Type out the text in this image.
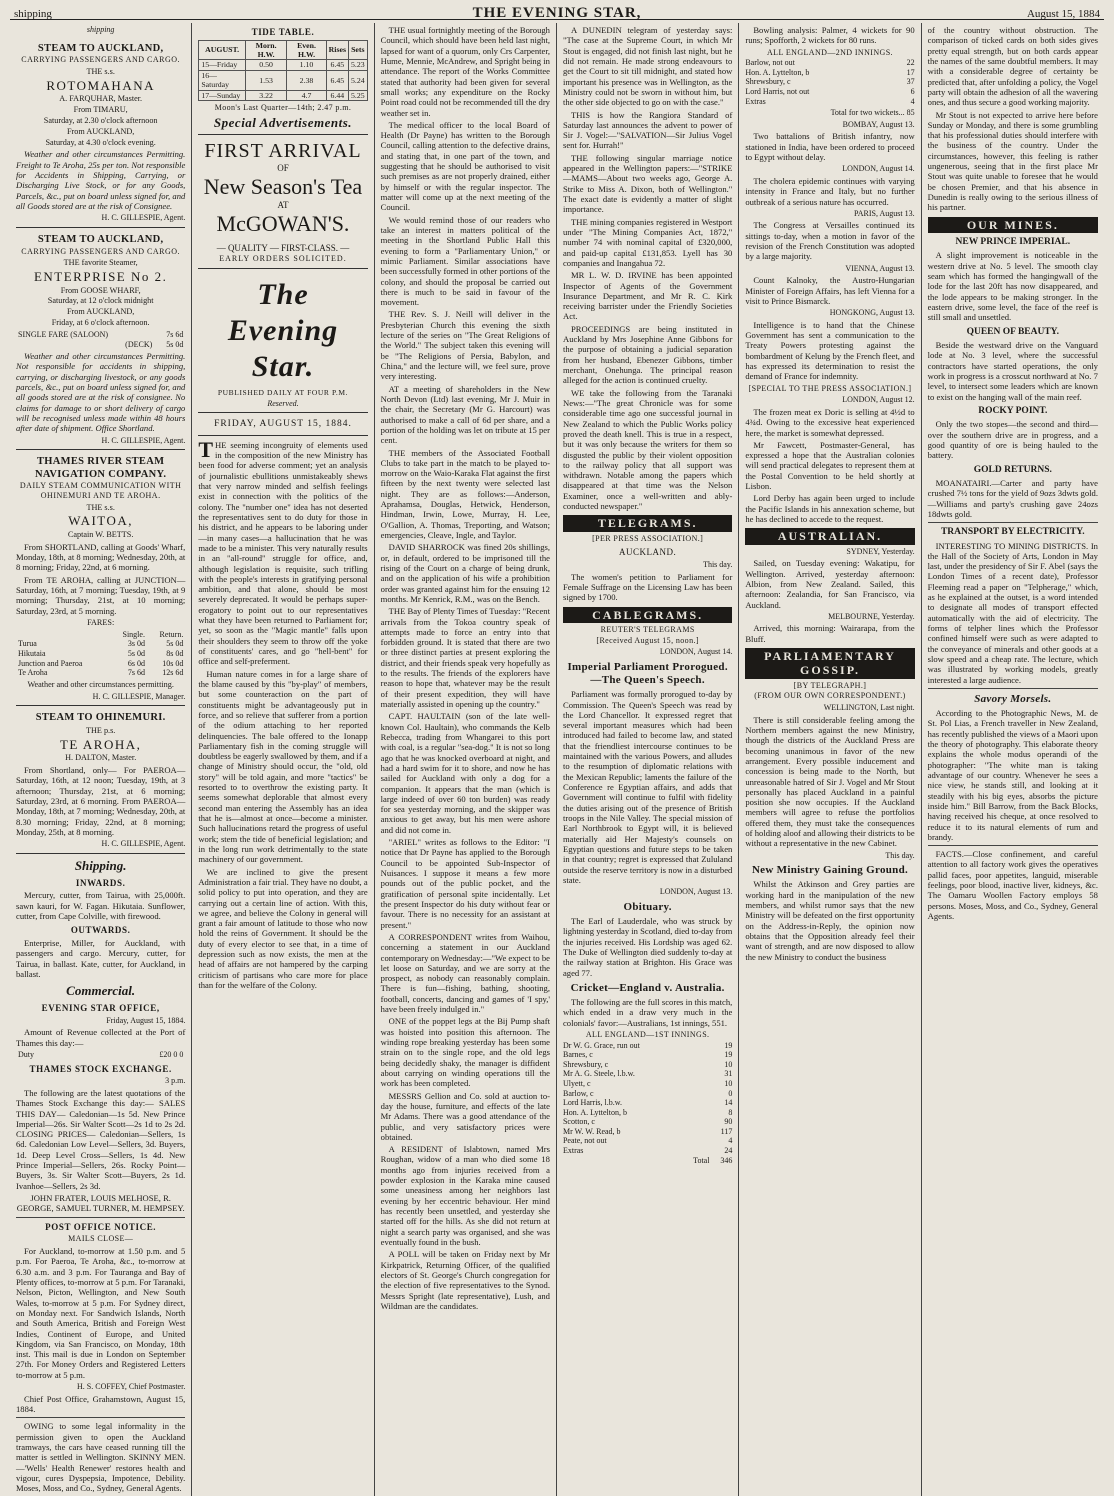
shipping	THE EVENING STAR,	August 15, 1884
shipping
STEAM TO AUCKLAND,
CARRYING PASSENGERS AND CARGO.
THE s.s.
ROTOMAHANA
A. FARQUHAR, Master.
From TIMARU,
Saturday, at 2.30 o'clock afternoon
From AUCKLAND,
Saturday, at 4.30 o'clock evening.

Weather and other circumstances Permitting. Freight to Te Aroha, 25s per ton. Not responsible for Accidents in Shipping, Carrying, or Discharging Live Stock, or for any Goods, Parcels, &c., put on board unless signed for, and all Goods stored are at the risk of Consignee.

H. C. GILLESPIE, Agent.
STEAM TO AUCKLAND,
CARRYING PASSENGERS AND CARGO.
THE favorite Steamer,
ENTERPRISE No 2.
From GOOSE WHARF,
Saturday, at 12 o'clock midnight
From AUCKLAND,
Friday, at 6 o'clock afternoon.
SINGLE FARE (SALOON)	7s 6d
(DECK)	5s 0d

Weather and other circumstances Permitting. Not responsible for accidents in shipping, carrying, or discharging livestock, or any goods parcels, &c., put on board unless signed for, and all goods stored are at the risk of consignee. No claims for damage to or short delivery of cargo will be recognised unless made within 48 hours after date of shipment. Office Shortland.

H. C. GILLESPIE, Agent.
THAMES RIVER STEAM NAVIGATION COMPANY.
DAILY STEAM COMMUNICATION WITH OHINEMURI AND TE AROHA.
THE s.s.
WAITOA,
Captain W. BETTS.

From SHORTLAND, calling at Goods' Wharf, Monday, 18th, at 8 morning; Wednesday, 20th, at 8 morning; Friday, 22nd, at 6 morning.

From TE AROHA, calling at JUNCTION—Saturday, 16th, at 7 morning; Tuesday, 19th, at 9 morning; Thursday, 21st, at 10 morning; Saturday, 23rd, at 5 morning.

FARES:
	Single.	Return.
Turua	3s 0d	5s 0d
Hikutaia	5s 0d	8s 0d
Junction and Paeroa	6s 0d	10s 0d
Te Aroha	7s 6d	12s 6d
Weather and other circumstances permitting.
H. C. GILLESPIE, Manager.
STEAM TO OHINEMURI.
THE p.s.
TE AROHA,
H. DALTON, Master.

From Shortland, only— For PAEROA— Saturday, 16th, at 12 noon; Tuesday, 19th, at 3 afternoon; Thursday, 21st, at 6 morning; Saturday, 23rd, at 6 morning. From PAEROA— Monday, 18th, at 7 morning; Wednesday, 20th, at 8.30 morning; Friday, 22nd, at 8 morning; Monday, 25th, at 8 morning.

H. C. GILLESPIE, Agent.
Shipping.
INWARDS.

Mercury, cutter, from Tairua, with 25,000ft. sawn kauri, for W. Fagan. Hikutaia. Sunflower, cutter, from Cape Colville, with firewood.

OUTWARDS.

Enterprise, Miller, for Auckland, with passengers and cargo. Mercury, cutter, for Tairua, in ballast. Kate, cutter, for Auckland, in ballast.

Commercial.
EVENING STAR OFFICE,
Friday, August 15, 1884.

Amount of Revenue collected at the Port of Thames this day:—

Duty	£20 0 0
THAMES STOCK EXCHANGE.
3 p.m.

The following are the latest quotations of the Thames Stock Exchange this day:— SALES THIS DAY— Caledonian—1s 5d. New Prince Imperial—26s. Sir Walter Scott—2s 1d to 2s 2d. CLOSING PRICES— Caledonian—Sellers, 1s 6d. Caledonian Low Level—Sellers, 3d. Buyers, 1d. Deep Level Cross—Sellers, 1s 4d. New Prince Imperial—Sellers, 26s. Rocky Point—Buyers, 3s. Sir Walter Scott—Buyers, 2s 1d. Ivanhoe—Sellers, 2s 3d.

JOHN FRATER, LOUIS MELHOSE, R. GEORGE, SAMUEL TURNER, M. HEMPSEY.

POST OFFICE NOTICE.
MAILS CLOSE—

For Auckland, to-morrow at 1.50 p.m. and 5 p.m. For Paeroa, Te Aroha, &c., to-morrow at 6.30 a.m. and 3 p.m. For Tauranga and Bay of Plenty offices, to-morrow at 5 p.m. For Taranaki, Nelson, Picton, Wellington, and New South Wales, to-morrow at 5 p.m. For Sydney direct, on Monday next. For Sandwich Islands, North and South America, British and Foreign West Indies, Continent of Europe, and United Kingdom, via San Francisco, on Monday, 18th inst. This mail is due in London on September 27th. For Money Orders and Registered Letters to-morrow at 5 p.m.

H. S. COFFEY, Chief Postmaster.

Chief Post Office, Grahamstown, August 15, 1884.

OWING to some legal informality in the permission given to open the Auckland tramways, the cars have ceased running till the matter is settled in Wellington. SKINNY MEN.—'Wells' Health Renewer' restores health and vigour, cures Dyspepsia, Impotence, Debility. Moses, Moss, and Co., Sydney, General Agents.

TIDE TABLE.
AUGUST.	Morn. H.W.	Even. H.W.	Rises	Sets
15—Friday	0.50	1.10	6.45	5.23
16—Saturday	1.53	2.38	6.45	5.24
17—Sunday	3.22	4.7	6.44	5.25
Moon's Last Quarter—14th; 2.47 p.m.
Special Advertisements.
FIRST ARRIVAL
OF
New Season's Tea
AT
McGOWAN'S.
— QUALITY — FIRST-CLASS. —
EARLY ORDERS SOLICITED.
The Evening Star.
PUBLISHED DAILY AT FOUR P.M.
Reserved.
FRIDAY, AUGUST 15, 1884.

THE seeming incongruity of elements used in the composition of the new Ministry has been food for adverse comment; yet an analysis of journalistic ebullitions unmistakeably shews that very narrow minded and selfish feelings exist in connection with the politics of the colony. The "number one" idea has not deserted the representatives sent to do duty for those in his district, and he appears to be laboring under—in many cases—a hallucination that he was made to be a minister. This very naturally results in an "all-round" struggle for office, and, although legislation is requisite, such trifling with the people's interests in gratifying personal ambition, and that alone, should be most severely deprecated. It would be perhaps super-erogatory to point out to our representatives what they have been returned to Parliament for; yet, so soon as the "Magic mantle" falls upon their shoulders they seem to throw off the yoke of constituents' cares, and go "hell-bent" for office and self-preferment.

Human nature comes in for a large share of the blame caused by this "by-play" of members, but some counteraction on the part of constituents might be advantageously put in force, and so relieve that sufferer from a portion of the odium attaching to her reported delinquencies. The bale offered to the Ionapp Parliamentary fish in the coming struggle will doubtless be eagerly swallowed by them, and if a change of Ministry should occur, the "old, old story" will be told again, and more "tactics" be resorted to to overthrow the existing party. It seems somewhat deplorable that almost every second man entering the Assembly has an idea that he is—almost at once—become a minister. Such hallucinations retard the progress of useful work; stem the tide of beneficial legislation; and in the long run work detrimentally to the state machinery of our government.

We are inclined to give the present Administration a fair trial. They have no doubt, a solid policy to put into operation, and they are carrying out a certain line of action. With this, we agree, and believe the Colony in general will grant a fair amount of latitude to those who now hold the reins of Government. It should be the duty of every elector to see that, in a time of depression such as now exists, the men at the head of affairs are not hampered by the carping criticism of partisans who care more for place than for the welfare of the Colony.

THE usual fortnightly meeting of the Borough Council, which should have been held last night, lapsed for want of a quorum, only Crs Carpenter, Hume, Mennie, McAndrew, and Spright being in attendance. The report of the Works Committee stated that authority had been given for several small works; any expenditure on the Rocky Point road could not be recommended till the dry weather set in.

The medical officer to the local Board of Health (Dr Payne) has written to the Borough Council, calling attention to the defective drains, and stating that, in one part of the town, and suggesting that he should be authorised to visit such premises as are not properly drained, either by himself or with the regular inspector. The matter will come up at the next meeting of the Council.

We would remind those of our readers who take an interest in matters political of the meeting in the Shortland Public Hall this evening to form a "Parliamentary Union," or mimic Parliament. Similar associations have been successfully formed in other portions of the colony, and should the proposal be carried out there is much to be said in favour of the movement.

THE Rev. S. J. Neill will deliver in the Presbyterian Church this evening the sixth lecture of the series on "The Great Religions of the World." The subject taken this evening will be "The Religions of Persia, Babylon, and China," and the lecture will, we feel sure, prove very interesting.

AT a meeting of shareholders in the New North Devon (Ltd) last evening, Mr J. Muir in the chair, the Secretary (Mr G. Harcourt) was authorised to make a call of 6d per share, and a portion of the holding was let on tribute at 15 per cent.

THE members of the Associated Football Clubs to take part in the match to be played to-morrow on the Waio-Karaka Flat against the first fifteen by the next twenty were selected last night. They are as follows:—Anderson, Aprahamsa, Douglas, Hetwick, Henderson, Hindman, Irwin, Lowe, Murray, H. Lee, O'Gallion, A. Thomas, Treporting, and Watson; emergencies, Cleave, Ingle, and Taylor.

DAVID SHARROCK was fined 20s shillings, or, in default, ordered to be imprisoned till the rising of the Court on a charge of being drunk, and on the application of his wife a prohibition order was granted against him for the ensuing 12 months. Mr Kenrick, R.M., was on the Bench.

THE Bay of Plenty Times of Tuesday: "Recent arrivals from the Tokoa country speak of attempts made to force an entry into that forbidden ground. It is stated that there are two or three distinct parties at present exploring the district, and their friends speak very hopefully as to the results. The friends of the explorers have reason to hope that, whatever may be the result of their present expedition, they will have materially assisted in opening up the country."

CAPT. HAULTAIN (son of the late well-known Col. Haultain), who commands the Kelb Rebecca, trading from Whangarei to this port with coal, is a regular "sea-dog." It is not so long ago that he was knocked overboard at night, and had a hard swim for it to shore, and now he has sailed for Auckland with only a dog for a companion. It appears that the man (which is large indeed of over 60 ton burden) was ready for sea yesterday morning, and the skipper was anxious to get away, but his men were ashore and did not come in.

"ARIEL" writes as follows to the Editor: "I notice that Dr Payne has applied to the Borough Council to be appointed Sub-Inspector of Nuisances. I suppose it means a few more pounds out of the public pocket, and the gratification of personal spite incidentally. Let the present Inspector do his duty without fear or favour. There is no necessity for an assistant at present."

A CORRESPONDENT writes from Waihou, concerning a statement in our Auckland contemporary on Wednesday:—"We expect to be let loose on Saturday, and we are sorry at the prospect, as nobody can reasonably complain. There is fun—fishing, bathing, shooting, football, concerts, dancing and games of 'I spy,' have been freely indulged in."

ONE of the poppet legs at the Bij Pump shaft was hoisted into position this afternoon. The winding rope breaking yesterday has been some strain on to the single rope, and the old legs being decidedly shaky, the manager is diffident about carrying on winding operations till the work has been completed.

MESSRS Gellion and Co. sold at auction to-day the house, furniture, and effects of the late Mr Adams. There was a good attendance of the public, and very satisfactory prices were obtained.

A RESIDENT of Islabtown, named Mrs Roughan, widow of a man who died some 18 months ago from injuries received from a powder explosion in the Karaka mine caused some uneasiness among her neighbors last evening by her eccentric behaviour. Her mind has recently been unsettled, and yesterday she started off for the hills. As she did not return at night a search party was organised, and she was eventually found in the bush.

A POLL will be taken on Friday next by Mr Kirkpatrick, Returning Officer, of the qualified electors of St. George's Church congregation for the election of five representatives to the Synod. Messrs Spright (late representative), Lush, and Wildman are the candidates.

A DUNEDIN telegram of yesterday says: "The case at the Supreme Court, in which Mr Stout is engaged, did not finish last night, but he did not remain. He made strong endeavours to get the Court to sit till midnight, and stated how important his presence was in Wellington, as the Ministry could not be sworn in without him, but the other side objected to go on with the case."

THIS is how the Rangiora Standard of Saturday last announces the advent to power of Sir J. Vogel:—"SALVATION—Sir Julius Vogel sent for. Hurrah!"

THE following singular marriage notice appeared in the Wellington papers:—"STRIKE—MAMS—About two weeks ago, George A. Strike to Miss A. Dixon, both of Wellington." The exact date is evidently a matter of slight importance.

THE mining companies registered in Westport under "The Mining Companies Act, 1872," number 74 with nominal capital of £320,000, and paid-up capital £131,853. Lyell has 30 companies and Inangahua 72.

MR L. W. D. IRVINE has been appointed Inspector of Agents of the Government Insurance Department, and Mr R. C. Kirk receiving barrister under the Friendly Societies Act.

PROCEEDINGS are being instituted in Auckland by Mrs Josephine Anne Gibbons for the purpose of obtaining a judicial separation from her husband, Ebenezer Gibbons, timber merchant, Onehunga. The principal reason alleged for the action is continued cruelty.

WE take the following from the Taranaki News:—"The great Chronicle was for some considerable time ago one successful journal in New Zealand to which the Public Works policy proved the death knell. This is true in a respect, but it was only because the writers for them so disgusted the public by their violent opposition to the railway policy that all support was withdrawn. Notable among the papers which disappeared at that time was the Nelson Examiner, once a well-written and ably-conducted newspaper."

TELEGRAMS.
[PER PRESS ASSOCIATION.]
AUCKLAND.
This day.

The women's petition to Parliament for Female Suffrage on the Licensing Law has been signed by 1700.

CABLEGRAMS.
REUTER'S TELEGRAMS
[Received August 15, noon.]
LONDON, August 14.
Imperial Parliament Prorogued. —The Queen's Speech.

Parliament was formally prorogued to-day by Commission. The Queen's Speech was read by the Lord Chancellor. It expressed regret that several important measures which had been introduced had failed to become law, and stated that the friendliest intercourse continues to be maintained with the various Powers, and alludes to the resumption of diplomatic relations with the Mexican Republic; laments the failure of the Conference re Egyptian affairs, and adds that Government will continue to fulfil with fidelity the duties arising out of the presence of British troops in the Nile Valley. The special mission of Earl Northbrook to Egypt will, it is believed materially aid Her Majesty's counsels on Egyptian questions and future steps to be taken in that country; regret is expressed that Zululand outside the reserve territory is now in a disturbed state.

LONDON, August 13.
Obituary.

The Earl of Lauderdale, who was struck by lightning yesterday in Scotland, died to-day from the injuries received. His Lordship was aged 62. The Duke of Wellington died suddenly to-day at the railway station at Brighton. His Grace was aged 77.

Cricket—England v. Australia.

The following are the full scores in this match, which ended in a draw very much in the colonials' favor:—Australians, 1st innings, 551.

ALL ENGLAND—1ST INNINGS.
Dr W. G. Grace, run out	19
Barnes, c	19
Shrewsbury, c	10
Mr A. G. Steele, l.b.w.	31
Ulyett, c	10
Barlow, c	0
Lord Harris, l.b.w.	14
Hon. A. Lyttelton, b	8
Scotton, c	90
Mr W. W. Read, b	117
Peate, not out	4
Extras	24
Total	346

Bowling analysis: Palmer, 4 wickets for 90 runs; Spofforth, 2 wickets for 80 runs.

ALL ENGLAND—2ND INNINGS.
Barlow, not out	22
Hon. A. Lyttelton, b	17
Shrewsbury, c	37
Lord Harris, not out	6
Extras	4
Total for two wickets... 85
BOMBAY, August 13.

Two battalions of British infantry, now stationed in India, have been ordered to proceed to Egypt without delay.

LONDON, August 14.

The cholera epidemic continues with varying intensity in France and Italy, but no further outbreak of a serious nature has occurred.

PARIS, August 13.

The Congress at Versailles continued its sittings to-day, when a motion in favor of the revision of the French Constitution was adopted by a large majority.

VIENNA, August 13.

Count Kalnoky, the Austro-Hungarian Minister of Foreign Affairs, has left Vienna for a visit to Prince Bismarck.

HONGKONG, August 13.

Intelligence is to hand that the Chinese Government has sent a communication to the Treaty Powers protesting against the bombardment of Kelung by the French fleet, and has expressed its determination to resist the demand of France for indemnity.

[SPECIAL TO THE PRESS ASSOCIATION.]
LONDON, August 12.

The frozen meat ex Doric is selling at 4½d to 4¾d. Owing to the excessive heat experienced here, the market is somewhat depressed.

Mr Fawcett, Postmaster-General, has expressed a hope that the Australian colonies will send practical delegates to represent them at the Postal Convention to be held shortly at Lisbon.

Lord Derby has again been urged to include the Pacific Islands in his annexation scheme, but he has declined to accede to the request.

AUSTRALIAN.
SYDNEY, Yesterday.

Sailed, on Tuesday evening: Wakatipu, for Wellington. Arrived, yesterday afternoon: Albion, from New Zealand. Sailed, this afternoon: Zealandia, for San Francisco, via Auckland.

MELBOURNE, Yesterday.

Arrived, this morning: Wairarapa, from the Bluff.

PARLIAMENTARY GOSSIP.
[BY TELEGRAPH.]
(FROM OUR OWN CORRESPONDENT.)
WELLINGTON, Last night.

There is still considerable feeling among the Northern members against the new Ministry, though the districts of the Auckland Press are becoming unanimous in favor of the new arrangement. Every possible inducement and concession is being made to the North, but unreasonable hatred of Sir J. Vogel and Mr Stout personally has placed Auckland in a painful position she now occupies. If the Auckland members will agree to refuse the portfolios offered them, they must take the consequences of holding aloof and allowing their districts to be without a representative in the new Cabinet.

This day.
New Ministry Gaining Ground.

Whilst the Atkinson and Grey parties are working hard in the manipulation of the new members, and whilst rumor says that the new Ministry will be defeated on the first opportunity on the Address-in-Reply, the opinion now obtains that the Opposition already feel their want of strength, and are now disposed to allow the new Ministry to conduct the business

of the country without obstruction. The comparison of ticked cards on both sides gives pretty equal strength, but on both cards appear the names of the same doubtful members. It may with a considerable degree of certainty be predicted that, after unfolding a policy, the Vogel party will obtain the adhesion of all the wavering ones, and thus secure a good working majority.

Mr Stout is not expected to arrive here before Sunday or Monday, and there is some grumbling that his professional duties should interfere with the business of the country. Under the circumstances, however, this feeling is rather ungenerous, seeing that in the first place Mr Stout was quite unable to foresee that he would be chosen Premier, and that his absence in Dunedin is really owing to the serious illness of his partner.

OUR MINES.
NEW PRINCE IMPERIAL.

A slight improvement is noticeable in the western drive at No. 5 level. The smooth clay seam which has formed the hangingwall of the lode for the last 20ft has now disappeared, and the lode appears to be making stronger. In the eastern drive, some level, the face of the reef is still small and unsettled.

QUEEN OF BEAUTY.

Beside the westward drive on the Vanguard lode at No. 3 level, where the successful contractors have started operations, the only work in progress is a crosscut northward at No. 7 level, to intersect some leaders which are known to exist on the hanging wall of the main reef.

ROCKY POINT.

Only the two stopes—the second and third—over the southern drive are in progress, and a good quantity of ore is being hauled to the battery.

GOLD RETURNS.

MOANATAIRI.—Carter and party have crushed 7½ tons for the yield of 9ozs 3dwts gold.—Williams and party's crushing gave 24ozs 18dwts gold.

TRANSPORT BY ELECTRICITY.

INTERESTING TO MINING DISTRICTS. In the Hall of the Society of Arts, London in May last, under the presidency of Sir F. Abel (says the London Times of a recent date), Professor Fleeming read a paper on "Telpherage," which, as he explained at the outset, is a word intended to designate all modes of transport effected automatically with the aid of electricity. The forms of telpher lines which the Professor confined himself were such as were adapted to the conveyance of minerals and other goods at a slow speed and a cheap rate. The lecture, which was illustrated by working models, greatly interested a large audience.

Savory Morsels.

According to the Photographic News, M. de St. Pol Lias, a French traveller in New Zealand, has recently published the views of a Maori upon the theory of photography. This elaborate theory explains the whole modus operandi of the photographer: "The white man is taking advantage of our country. Whenever he sees a nice view, he stands still, and looking at it steadily with his big eyes, absorbs the picture inside him." Bill Barrow, from the Back Blocks, having received his cheque, at once resolved to reduce it to its natural elements of rum and brandy.

FACTS.—Close confinement, and careful attention to all factory work gives the operatives pallid faces, poor appetites, languid, miserable feelings, poor blood, inactive liver, kidneys, &c. The Oamaru Woollen Factory employs 58 persons. Moses, Moss, and Co., Sydney, General Agents.
